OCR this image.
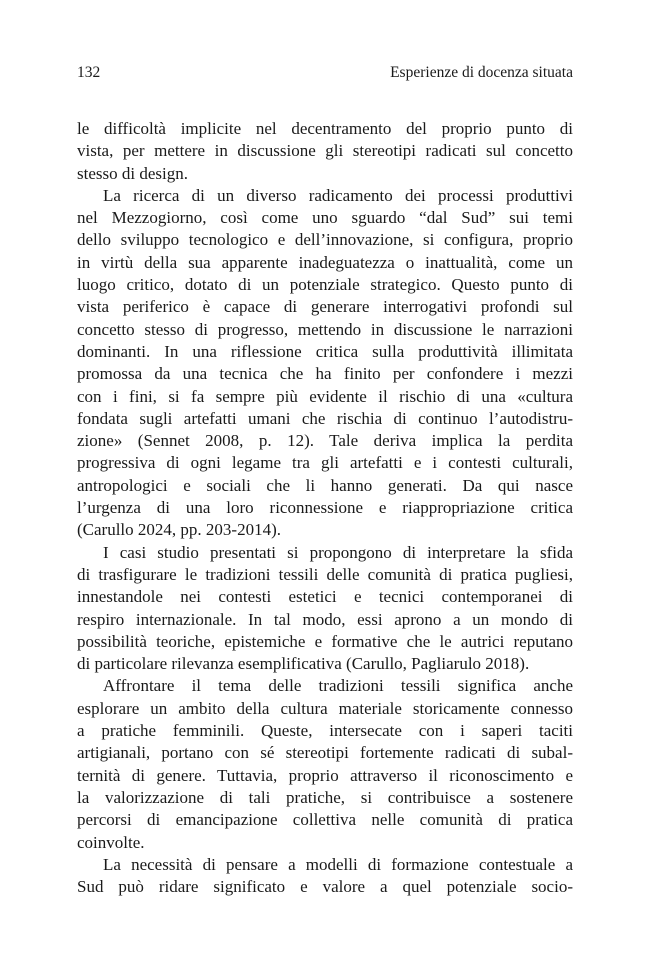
132	Esperienze di docenza situata
le difficoltà implicite nel decentramento del proprio punto di
vista, per mettere in discussione gli stereotipi radicati sul concetto
stesso di design.
La ricerca di un diverso radicamento dei processi produttivi
nel Mezzogiorno, così come uno sguardo “dal Sud” sui temi
dello sviluppo tecnologico e dell’innovazione, si configura, proprio
in virtù della sua apparente inadeguatezza o inattualità, come un
luogo critico, dotato di un potenziale strategico. Questo punto di
vista periferico è capace di generare interrogativi profondi sul
concetto stesso di progresso, mettendo in discussione le narrazioni
dominanti. In una riflessione critica sulla produttività illimitata
promossa da una tecnica che ha finito per confondere i mezzi
con i fini, si fa sempre più evidente il rischio di una «cultura
fondata sugli artefatti umani che rischia di continuo l’autodistru-
zione» (Sennet 2008, p. 12). Tale deriva implica la perdita
progressiva di ogni legame tra gli artefatti e i contesti culturali,
antropologici e sociali che li hanno generati. Da qui nasce
l’urgenza di una loro riconnessione e riappropriazione critica
(Carullo 2024, pp. 203-2014).
I casi studio presentati si propongono di interpretare la sfida
di trasfigurare le tradizioni tessili delle comunità di pratica pugliesi,
innestandole nei contesti estetici e tecnici contemporanei di
respiro internazionale. In tal modo, essi aprono a un mondo di
possibilità teoriche, epistemiche e formative che le autrici reputano
di particolare rilevanza esemplificativa (Carullo, Pagliarulo 2018).
Affrontare il tema delle tradizioni tessili significa anche
esplorare un ambito della cultura materiale storicamente connesso
a pratiche femminili. Queste, intersecate con i saperi taciti
artigianali, portano con sé stereotipi fortemente radicati di subal-
ternità di genere. Tuttavia, proprio attraverso il riconoscimento e
la valorizzazione di tali pratiche, si contribuisce a sostenere
percorsi di emancipazione collettiva nelle comunità di pratica
coinvolte.
La necessità di pensare a modelli di formazione contestuale a
Sud può ridare significato e valore a quel potenziale socio-
